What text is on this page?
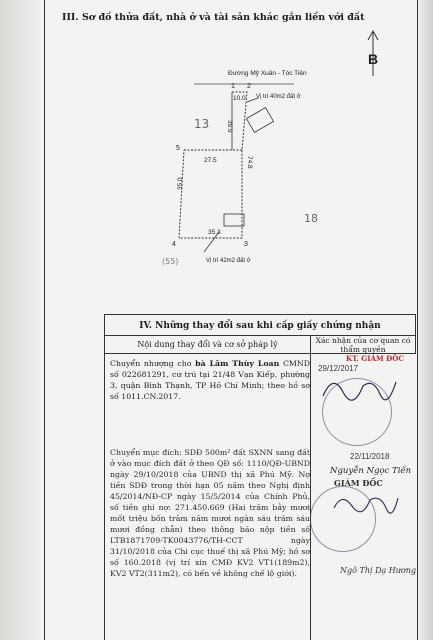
III. Sơ đồ thửa đất, nhà ở và tài sản khác gắn liền với đất
Đường Mỹ Xuân - Tóc Tiên
1 2
3
4
5
10.0
39.9
74.8
27.5
35.0
35.3
Vị trí 40m2 đất ở
Vị trí 42m2 đất ở
13
18
(55)
B
IV. Những thay đổi sau khi cấp giấy chứng nhận
Nội dung thay đổi và cơ sở pháp lý	Xác nhận của cơ quan có thẩm quyền
Chuyển nhượng cho bà Lâm Thùy Loan CMND số 022681291, cư trú tại 21/48 Vạn Kiếp, phường 3, quận Bình Thạnh, TP Hồ Chí Minh; theo hồ sơ số 1011.CN.2017.
29/12/2017
KT. GIÁM ĐỐC
Chuyển mục đích: SDĐ 500m² đất SXNN sang đất ở vào mục đích đất ở theo QĐ số: 1110/QĐ-UBND ngày 29/10/2018 của UBND thị xã Phú Mỹ. Nợ tiền SDĐ trong thời hạn 05 năm theo Nghị định 45/2014/NĐ-CP ngày 15/5/2014 của Chính Phủ, số tiền ghi nợ: 271.450.669 (Hai trăm bảy mươi mốt triệu bốn trăm năm mươi ngàn sáu trăm sáu mươi đồng chẵn) theo thông báo nộp tiền số LTB1871709-TK0043776/TH-CCT ngày 31/10/2018 của Chi cục thuế thị xã Phú Mỹ; hồ sơ số 160.2018 (vị trí xin CMĐ KV2 VT1(189m2), KV2 VT2(311m2), có bến về không chế lộ giới).
22/11/2018
Nguyễn Ngọc Tiến
GIÁM ĐỐC
Ngô Thị Dạ Hương
